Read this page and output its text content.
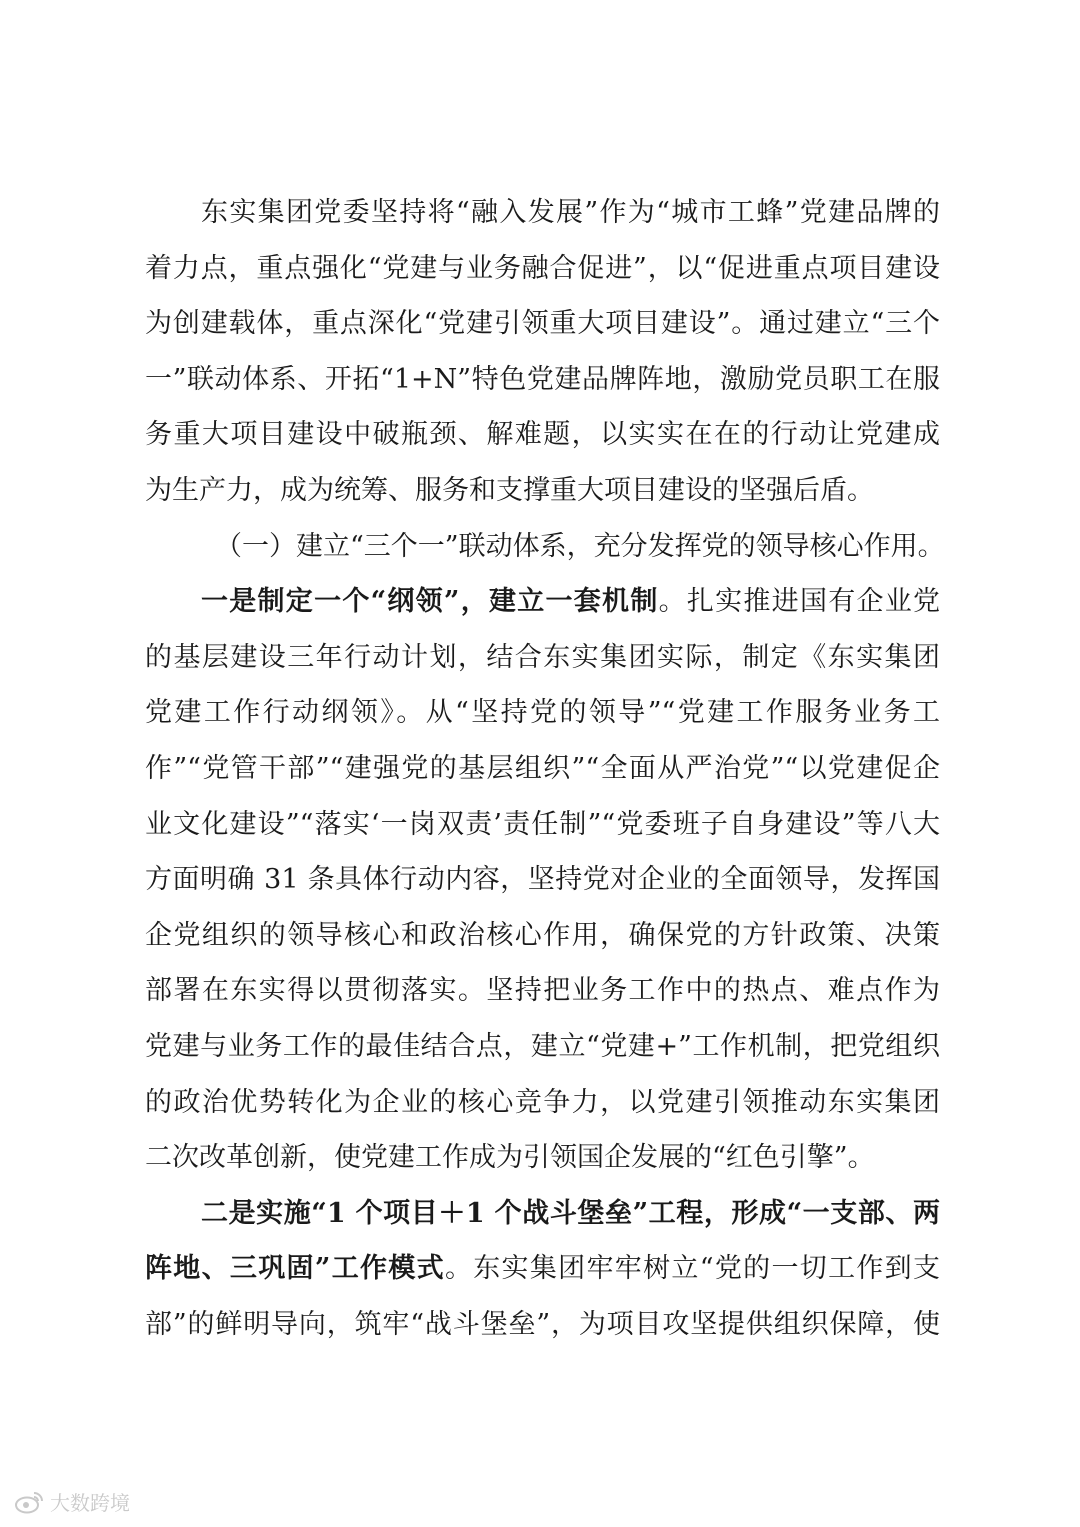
东实集团党委坚持将“融入发展”作为“城市工蜂”党建品牌的
着力点，重点强化“党建与业务融合促进”，以“促进重点项目建设
为创建载体，重点深化“党建引领重大项目建设”。通过建立“三个
一”联动体系、开拓“1+N”特色党建品牌阵地，激励党员职工在服
务重大项目建设中破瓶颈、解难题，以实实在在的行动让党建成
为生产力，成为统筹、服务和支撑重大项目建设的坚强后盾。
（一）建立“三个一”联动体系，充分发挥党的领导核心作用。
一是制定一个“纲领”，建立一套机制。扎实推进国有企业党
的基层建设三年行动计划，结合东实集团实际，制定《东实集团
党建工作行动纲领》。从“坚持党的领导”“党建工作服务业务工
作”“党管干部”“建强党的基层组织”“全面从严治党”“以党建促企
业文化建设”“落实‘一岗双责’责任制”“党委班子自身建设”等八大
方面明确 31 条具体行动内容，坚持党对企业的全面领导，发挥国
企党组织的领导核心和政治核心作用，确保党的方针政策、决策
部署在东实得以贯彻落实。坚持把业务工作中的热点、难点作为
党建与业务工作的最佳结合点，建立“党建+”工作机制，把党组织
的政治优势转化为企业的核心竞争力，以党建引领推动东实集团
二次改革创新，使党建工作成为引领国企发展的“红色引擎”。
二是实施“1 个项目＋1 个战斗堡垒”工程，形成“一支部、两
阵地、三巩固”工作模式。东实集团牢牢树立“党的一切工作到支
部”的鲜明导向，筑牢“战斗堡垒”，为项目攻坚提供组织保障，使
大数跨境
